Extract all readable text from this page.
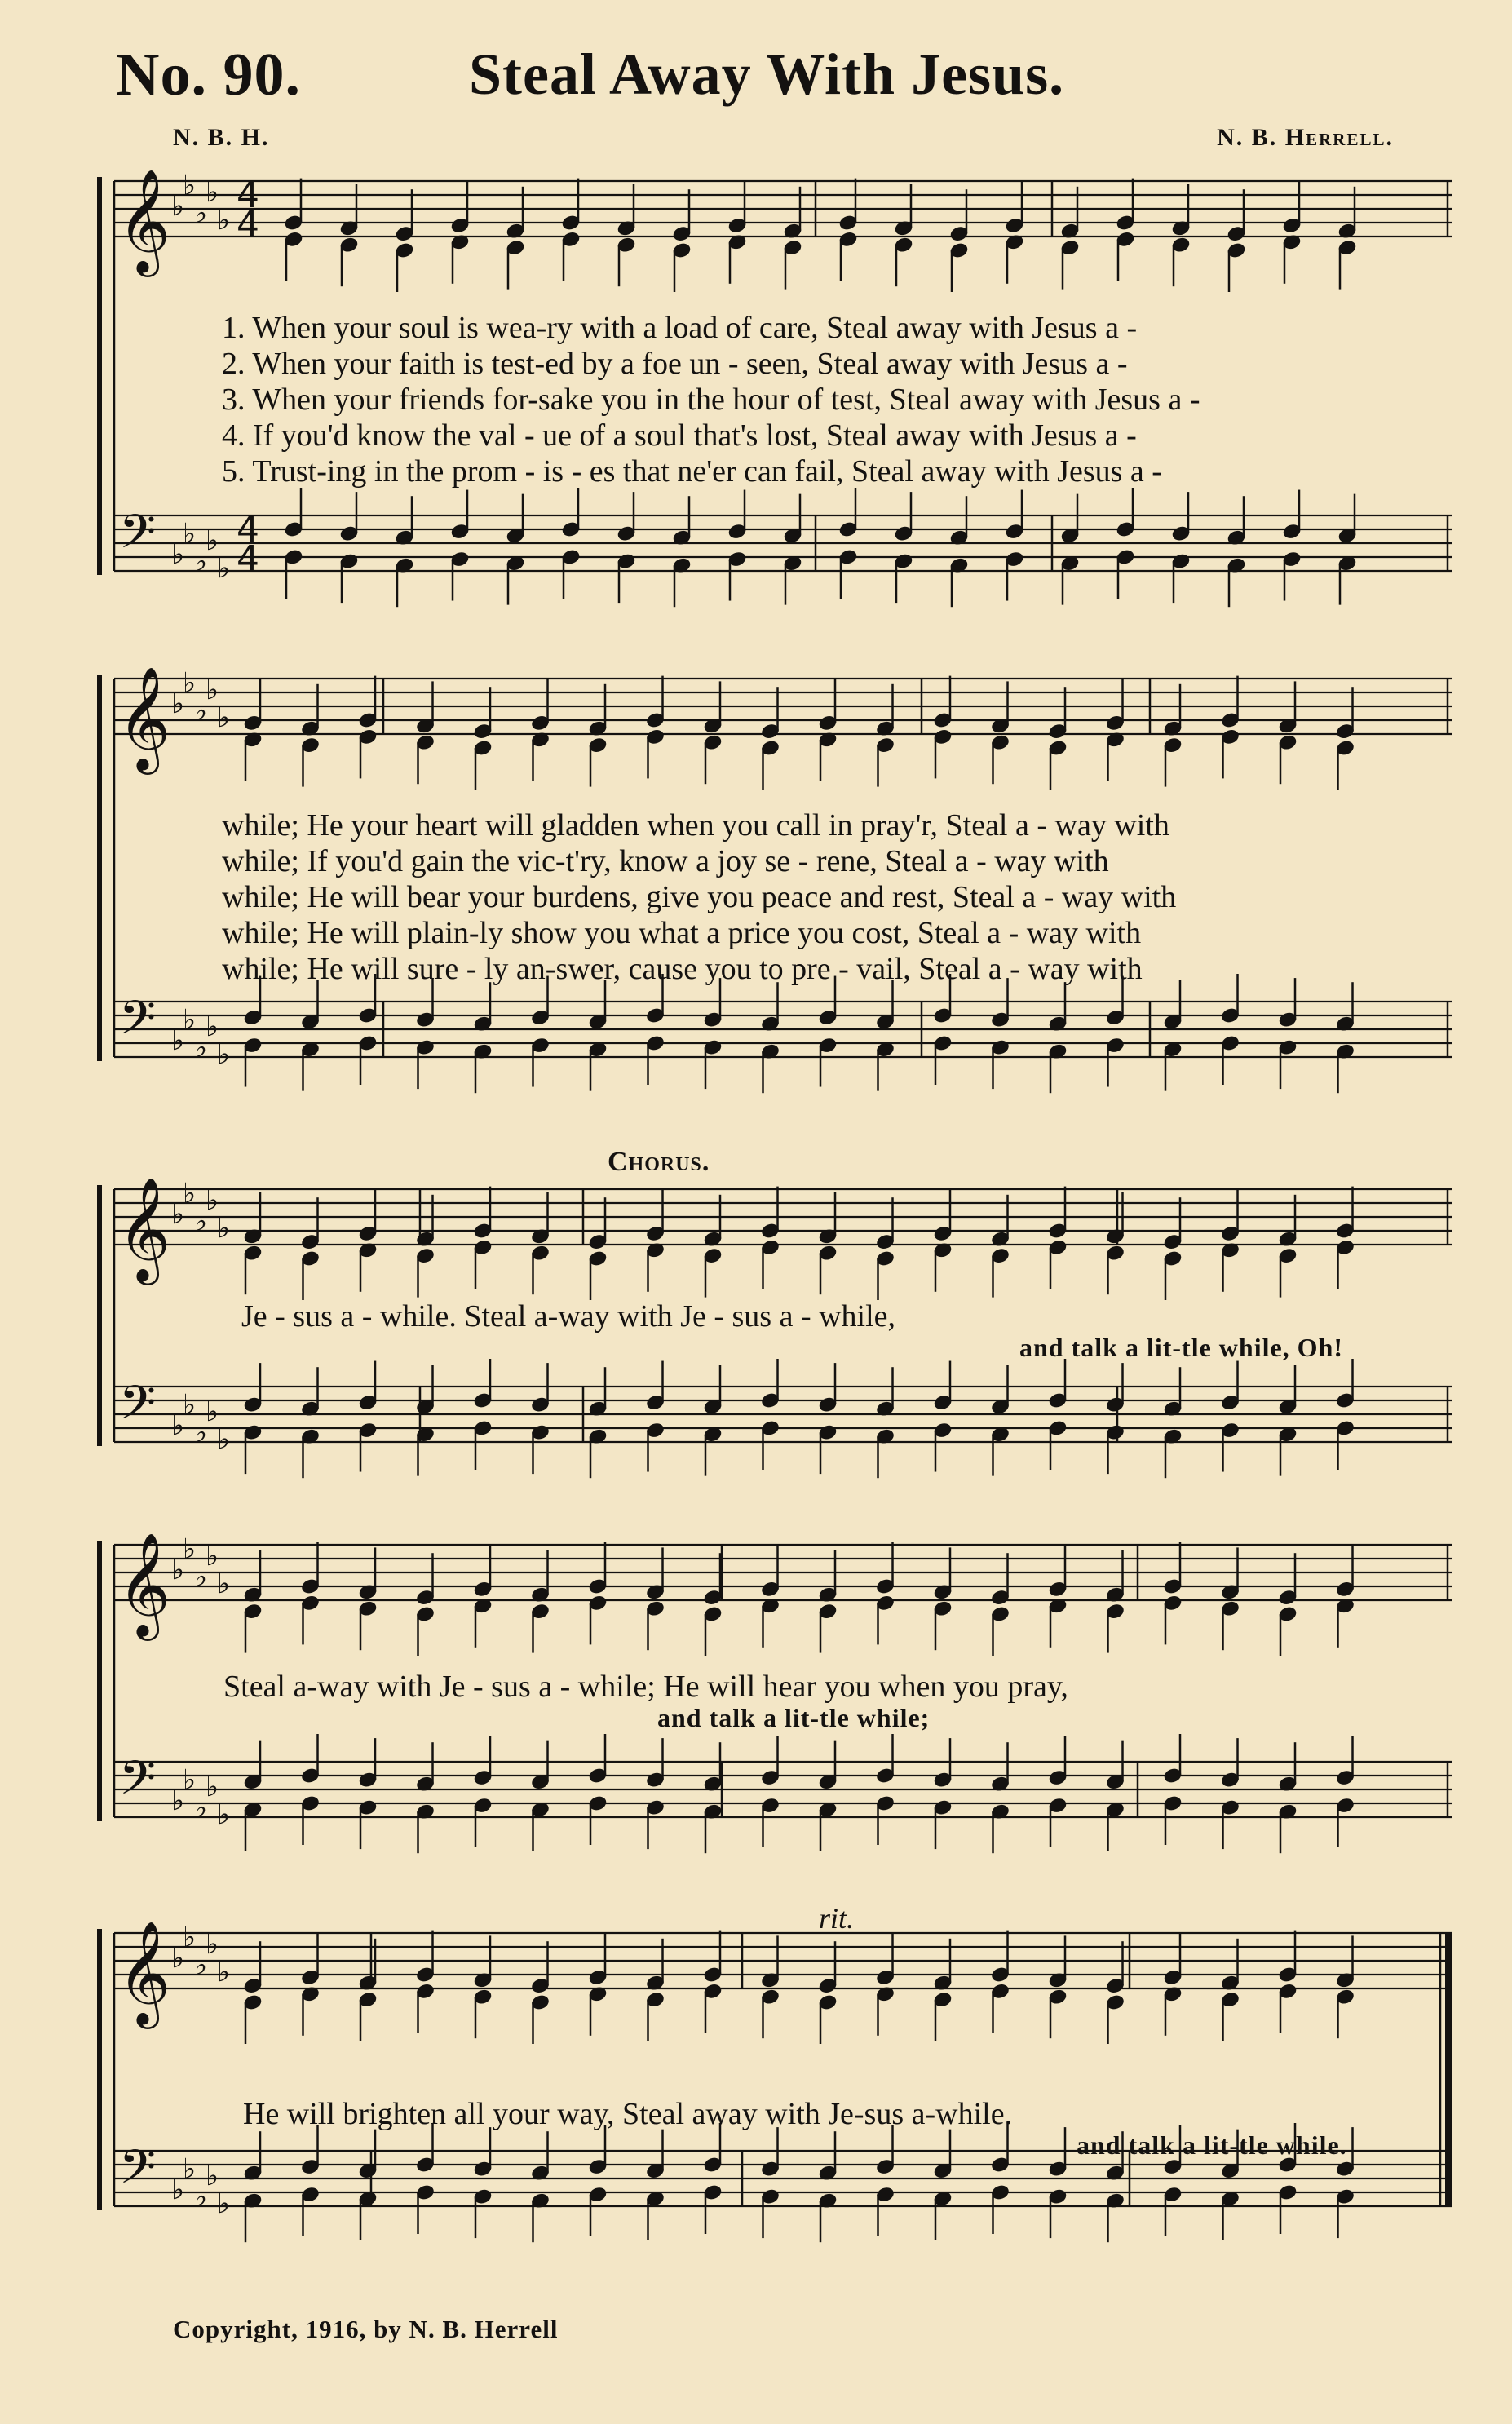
No. 90.	Steal Away With Jesus.
N. B. H.	N. B. Herrell.
𝄞
𝄢
♭
♭
♭
♭
♭
♭
♭
♭
♭
♭
4
4
4
4
𝄞
𝄢
♭
♭
♭
♭
♭
♭
♭
♭
♭
♭
𝄞
𝄢
♭
♭
♭
♭
♭
♭
♭
♭
♭
♭
𝄞
𝄢
♭
♭
♭
♭
♭
♭
♭
♭
♭
♭
𝄞
𝄢
♭
♭
♭
♭
♭
♭
♭
♭
♭
♭
1. When your soul is wea-ry with a load of care, Steal away with Jesus a -
2. When your faith is test-ed by a foe un - seen, Steal away with Jesus a -
3. When your friends for-sake you in the hour of test, Steal away with Jesus a -
4. If you'd know the val - ue of a soul that's lost, Steal away with Jesus a -
5. Trust-ing in the prom - is - es that ne'er can fail, Steal away with Jesus a -
while; He your heart will gladden when you call in pray'r, Steal a - way with
while; If you'd gain the vic-t'ry, know a joy se - rene, Steal a - way with
while; He will bear your burdens, give you peace and rest, Steal a - way with
while; He will plain-ly show you what a price you cost, Steal a - way with
while; He will sure - ly an-swer, cause you to pre - vail, Steal a - way with
Chorus.
Je - sus a - while. Steal a-way with Je - sus a - while,
and talk a lit-tle while, Oh!
Steal a-way with Je - sus a - while; He will hear you when you pray,
and talk a lit-tle while;
rit.
He will brighten all your way, Steal away with Je-sus a-while.
and talk a lit-tle while.
Copyright, 1916, by N. B. Herrell
